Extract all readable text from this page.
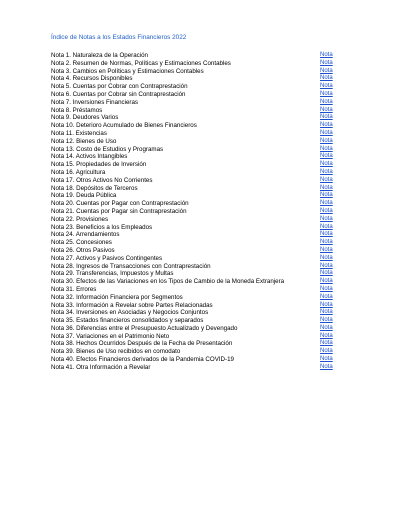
Índice de Notas a los Estados Financieros 2022
Nota 1. Naturaleza de la Operación	Nota
Nota 2. Resumen de Normas, Políticas y Estimaciones Contables	Nota
Nota 3. Cambios en Políticas y Estimaciones Contables	Nota
Nota 4. Recursos Disponibles	Nota
Nota 5. Cuentas por Cobrar con Contraprestación	Nota
Nota 6. Cuentas por Cobrar sin Contraprestación	Nota
Nota 7. Inversiones Financieras	Nota
Nota 8. Préstamos	Nota
Nota 9. Deudores Varios	Nota
Nota 10. Deterioro Acumulado de Bienes Financieros	Nota
Nota 11. Existencias	Nota
Nota 12. Bienes de Uso	Nota
Nota 13. Costo de Estudios y Programas	Nota
Nota 14. Activos Intangibles	Nota
Nota 15. Propiedades de Inversión	Nota
Nota 16. Agricultura	Nota
Nota 17. Otros Activos No Corrientes	Nota
Nota 18. Depósitos de Terceros	Nota
Nota 19. Deuda Pública	Nota
Nota 20. Cuentas por Pagar con Contraprestación	Nota
Nota 21. Cuentas por Pagar sin Contraprestación	Nota
Nota 22. Provisiones	Nota
Nota 23. Beneficios a los Empleados	Nota
Nota 24. Arrendamientos	Nota
Nota 25. Concesiones	Nota
Nota 26. Otros Pasivos	Nota
Nota 27. Activos y Pasivos Contingentes	Nota
Nota 28. Ingresos de Transacciones con Contraprestación	Nota
Nota 29. Transferencias, Impuestos y Multas	Nota
Nota 30. Efectos de las Variaciones en los Tipos de Cambio de la Moneda Extranjera	Nota
Nota 31. Errores	Nota
Nota 32. Información Financiera por Segmentos	Nota
Nota 33. Información a Revelar sobre Partes Relacionadas	Nota
Nota 34. Inversiones en Asociadas y Negocios Conjuntos	Nota
Nota 35. Estados financieros consolidados y separados	Nota
Nota 36. Diferencias entre el Presupuesto Actualizado y Devengado	Nota
Nota 37. Variaciones en el Patrimonio Neto	Nota
Nota 38. Hechos Ocurridos Después de la Fecha de Presentación	Nota
Nota 39. Bienes de Uso recibidos en comodato	Nota
Nota 40. Efectos Financieros derivados de la Pandemia COVID-19	Nota
Nota 41. Otra Información a Revelar	Nota
